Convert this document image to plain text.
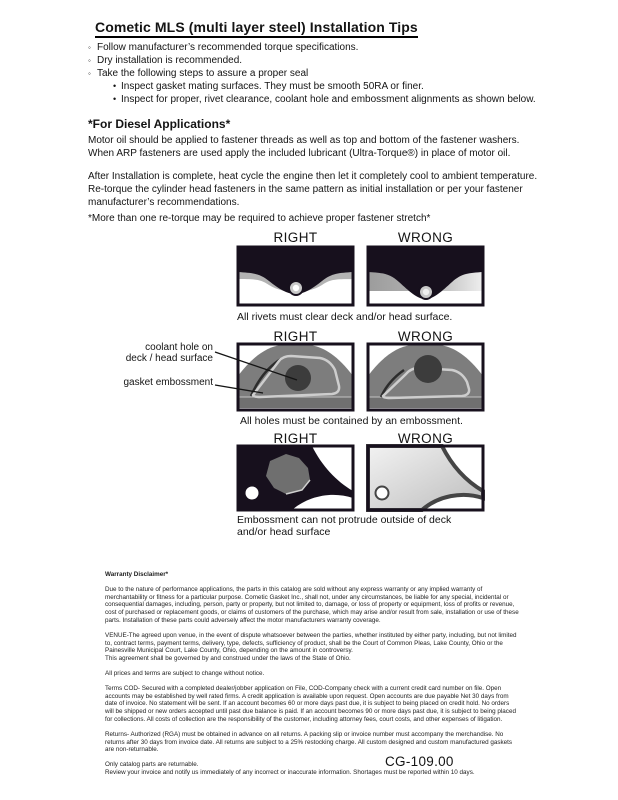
Cometic MLS (multi layer steel) Installation Tips
◦ Follow manufacturer’s recommended torque specifications.
◦ Dry installation is recommended.
◦ Take the following steps to assure a proper seal
• Inspect gasket mating surfaces. They must be smooth 50RA or finer.
• Inspect for proper, rivet clearance, coolant hole and embossment alignments as shown below.
*For Diesel Applications*
Motor oil should be applied to fastener threads as well as top and bottom of the fastener washers. When ARP fasteners are used apply the included lubricant (Ultra-Torque®) in place of motor oil.
After Installation is complete, heat cycle the engine then let it completely cool to ambient temperature. Re-torque the cylinder head fasteners in the same pattern as initial installation or per your fastener manufacturer’s recommendations.
*More than one re-torque may be required to achieve proper fastener stretch*
RIGHT	WRONG
All rivets must clear deck and/or head surface.
RIGHT	WRONG
coolant hole on
deck / head surface
gasket embossment
All holes must be contained by an embossment.
RIGHT	WRONG
Embossment can not protrude outside of deck
and/or head surface
Warranty Disclaimer*

Due to the nature of performance applications, the parts in this catalog are sold without any express warranty or any implied warranty of merchantability or fitness for a particular purpose. Cometic Gasket Inc., shall not, under any circumstances, be liable for any special, incidental or consequential damages, including, person, party or property, but not limited to, damage, or loss of property or equipment, loss of profits or revenue, cost of purchased or replacement goods, or claims of customers of the purchase, which may arise and/or result from sale, installation or use of these parts. Installation of these parts could adversely affect the motor manufacturers warranty coverage.

VENUE-The agreed upon venue, in the event of dispute whatsoever between the parties, whether instituted by either party, including, but not limited to, contract terms, payment terms, delivery, type, defects, sufficiency of product, shall be the Court of Common Pleas, Lake County, Ohio or the Painesville Municipal Court, Lake County, Ohio, depending on the amount in controversy.

This agreement shall be governed by and construed under the laws of the State of Ohio.

All prices and terms are subject to change without notice.

Terms COD- Secured with a completed dealer/jobber application on File, COD-Company check with a current credit card number on file. Open accounts may be established by well rated firms. A credit application is available upon request. Open accounts are due payable Net 30 days from date of invoice. No statement will be sent. If an account becomes 60 or more days past due, it is subject to being placed on credit hold. No orders will be shipped or new orders accepted until past due balance is paid. If an account becomes 90 or more days past due, it is subject to being placed for collections. All costs of collection are the responsibility of the customer, including attorney fees, court costs, and other expenses of litigation.

Returns- Authorized (RGA) must be obtained in advance on all returns. A packing slip or invoice number must accompany the merchandise. No returns after 30 days from invoice date. All returns are subject to a 25% restocking charge. All custom designed and custom manufactured gaskets are non-returnable.

Only catalog parts are returnable.

Review your invoice and notify us immediately of any incorrect or inaccurate information. Shortages must be reported within 10 days.

CG-109.00
